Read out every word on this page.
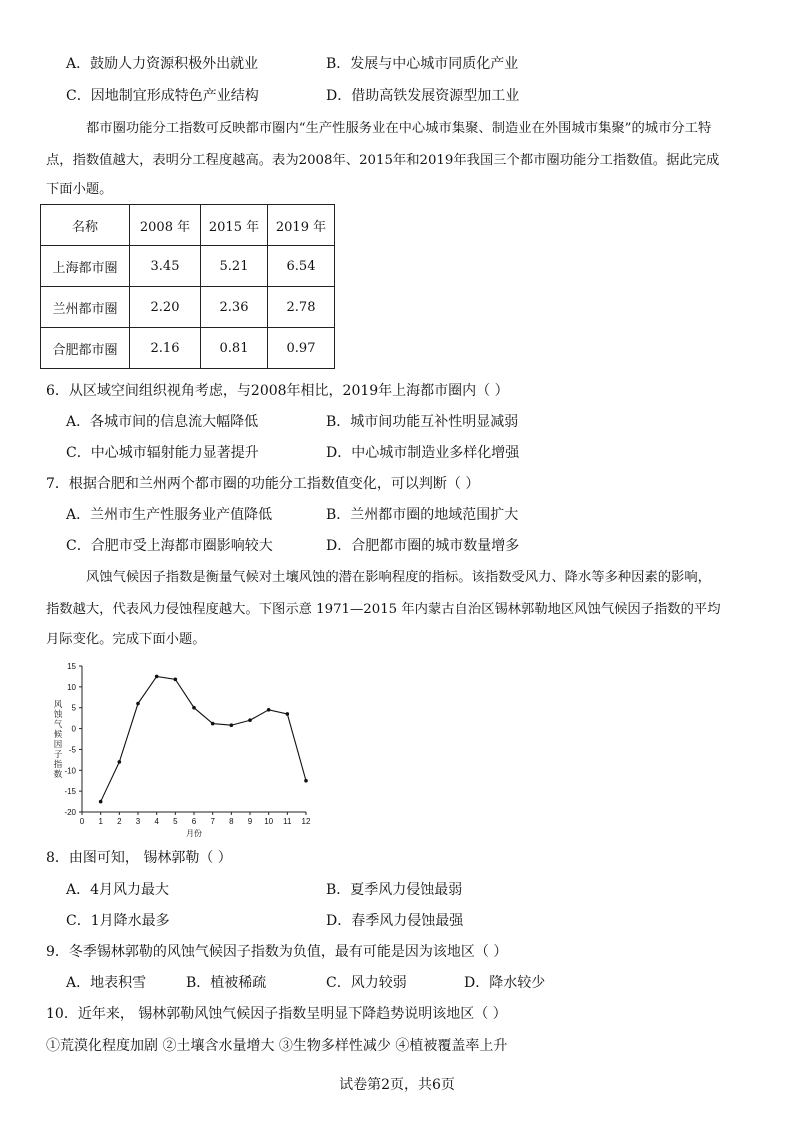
A．鼓励人力资源积极外出就业	B．发展与中心城市同质化产业
C．因地制宜形成特色产业结构	D．借助高铁发展资源型加工业
都市圈功能分工指数可反映都市圈内“生产性服务业在中心城市集聚、制造业在外围城市集聚”的城市分工特
点，指数值越大，表明分工程度越高。表为2008年、2015年和2019年我国三个都市圈功能分工指数值。据此完成
下面小题。
名称	2008 年	2015 年	2019 年
上海都市圈	3.45	5.21	6.54
兰州都市圈	2.20	2.36	2.78
合肥都市圈	2.16	0.81	0.97
6．从区域空间组织视角考虑，与2008年相比，2019年上海都市圈内（ ）
A．各城市间的信息流大幅降低	B．城市间功能互补性明显减弱
C．中心城市辐射能力显著提升	D．中心城市制造业多样化增强
7．根据合肥和兰州两个都市圈的功能分工指数值变化，可以判断（ ）
A．兰州市生产性服务业产值降低	B．兰州都市圈的地域范围扩大
C．合肥市受上海都市圈影响较大	D．合肥都市圈的城市数量增多
风蚀气候因子指数是衡量气候对土壤风蚀的潜在影响程度的指标。该指数受风力、降水等多种因素的影响，
指数越大，代表风力侵蚀程度越大。下图示意 1971—2015 年内蒙古自治区锡林郭勒地区风蚀气候因子指数的平均
月际变化。完成下面小题。
15
10
5
0
-5
-10
-15
-20
0 1 2 3 4 5 6 7 8 9 10 11 12
月份
风蚀气候因子指数
8．由图可知， 锡林郭勒（ ）
A．4月风力最大	B．夏季风力侵蚀最弱
C．1月降水最多	D．春季风力侵蚀最强
9．冬季锡林郭勒的风蚀气候因子指数为负值，最有可能是因为该地区（ ）
A．地表积雪	B．植被稀疏	C．风力较弱	D．降水较少
10．近年来， 锡林郭勒风蚀气候因子指数呈明显下降趋势说明该地区（ ）
①荒漠化程度加剧 ②土壤含水量增大 ③生物多样性减少 ④植被覆盖率上升
试卷第2页，共6页
